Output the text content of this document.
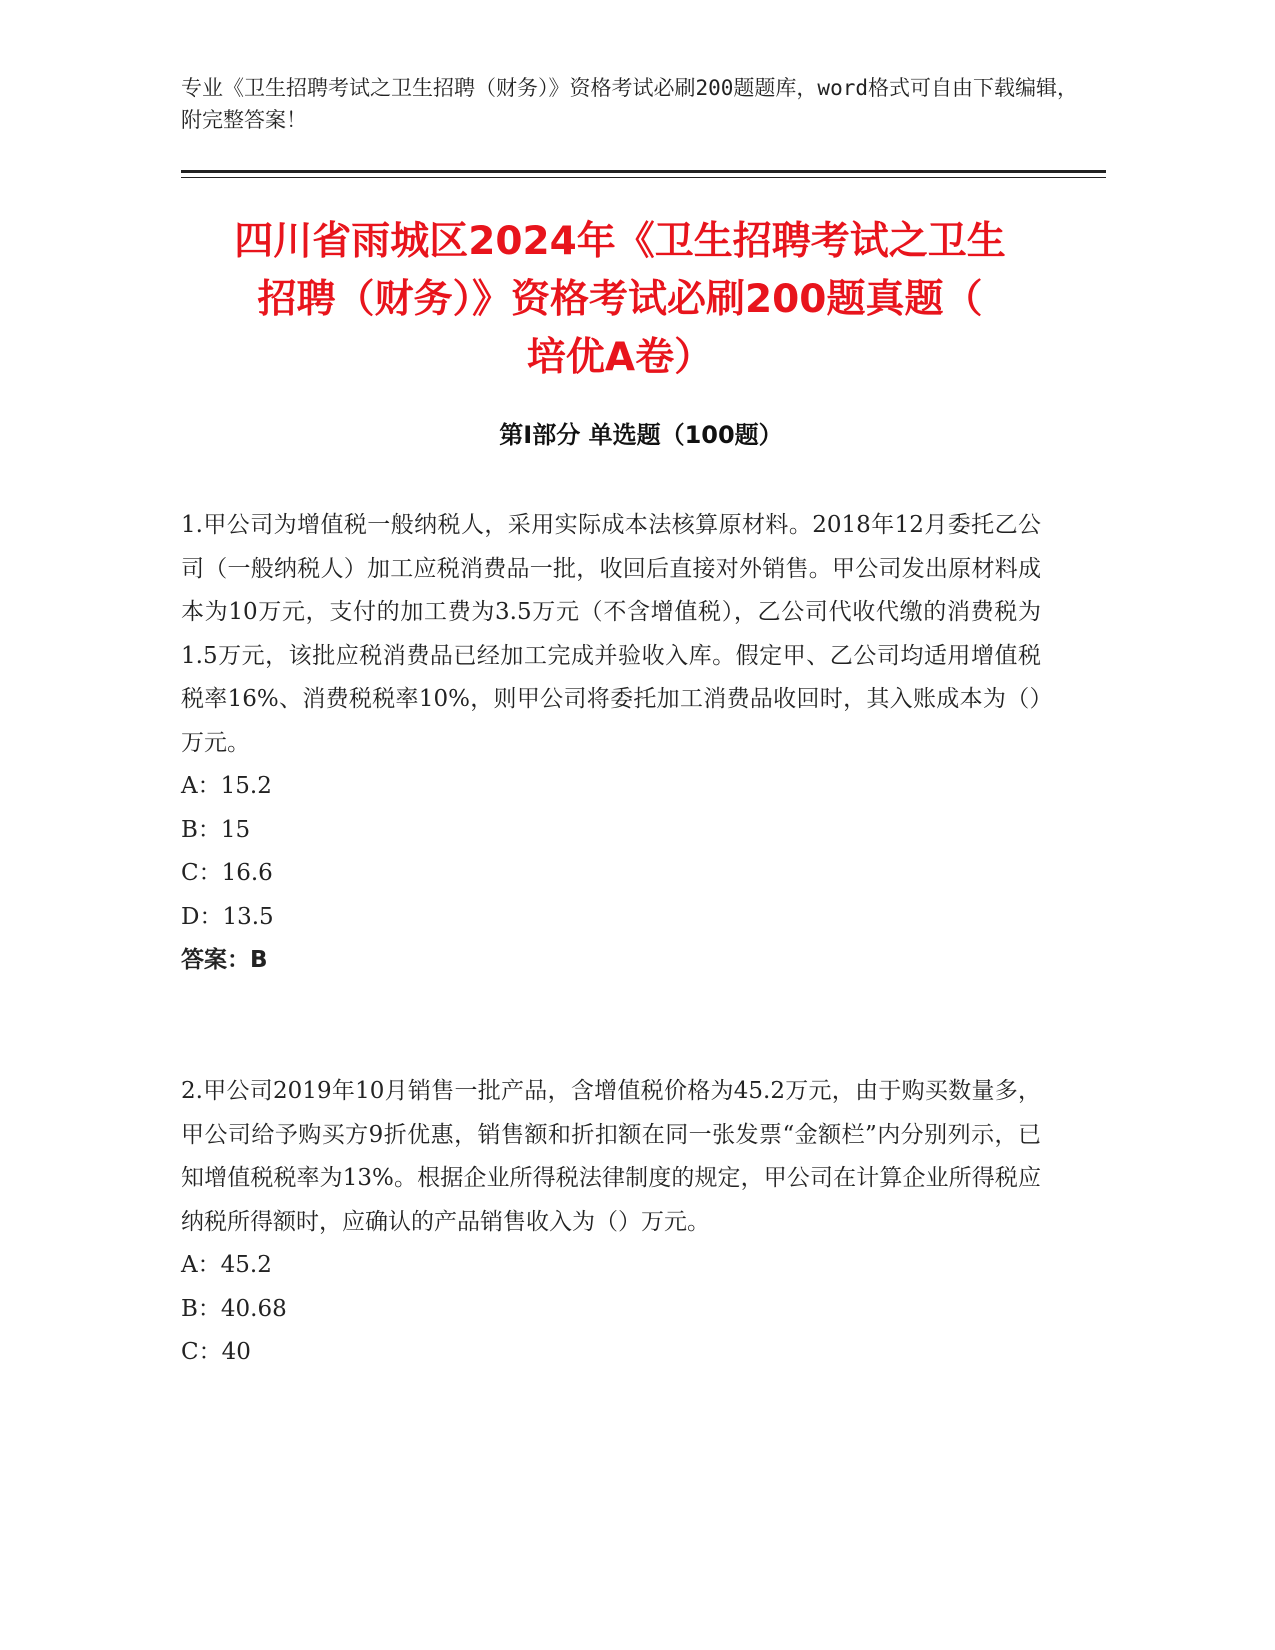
专业《卫生招聘考试之卫生招聘（财务）》资格考试必刷200题题库，word格式可自由下载编辑，附完整答案！
四川省雨城区2024年《卫生招聘考试之卫生
招聘（财务）》资格考试必刷200题真题（
培优A卷）
第Ⅰ部分 单选题（100题）

1.甲公司为增值税一般纳税人，采用实际成本法核算原材料。2018年12月委托乙公司（一般纳税人）加工应税消费品一批，收回后直接对外销售。甲公司发出原材料成本为10万元，支付的加工费为3.5万元（不含增值税），乙公司代收代缴的消费税为1.5万元，该批应税消费品已经加工完成并验收入库。假定甲、乙公司均适用增值税税率16%、消费税税率10%，则甲公司将委托加工消费品收回时，其入账成本为（）万元。

A：15.2

B：15

C：16.6

D：13.5

答案：B

2.甲公司2019年10月销售一批产品，含增值税价格为45.2万元，由于购买数量多，甲公司给予购买方9折优惠，销售额和折扣额在同一张发票“金额栏”内分别列示，已知增值税税率为13%。根据企业所得税法律制度的规定，甲公司在计算企业所得税应纳税所得额时，应确认的产品销售收入为（）万元。

A：45.2

B：40.68

C：40
